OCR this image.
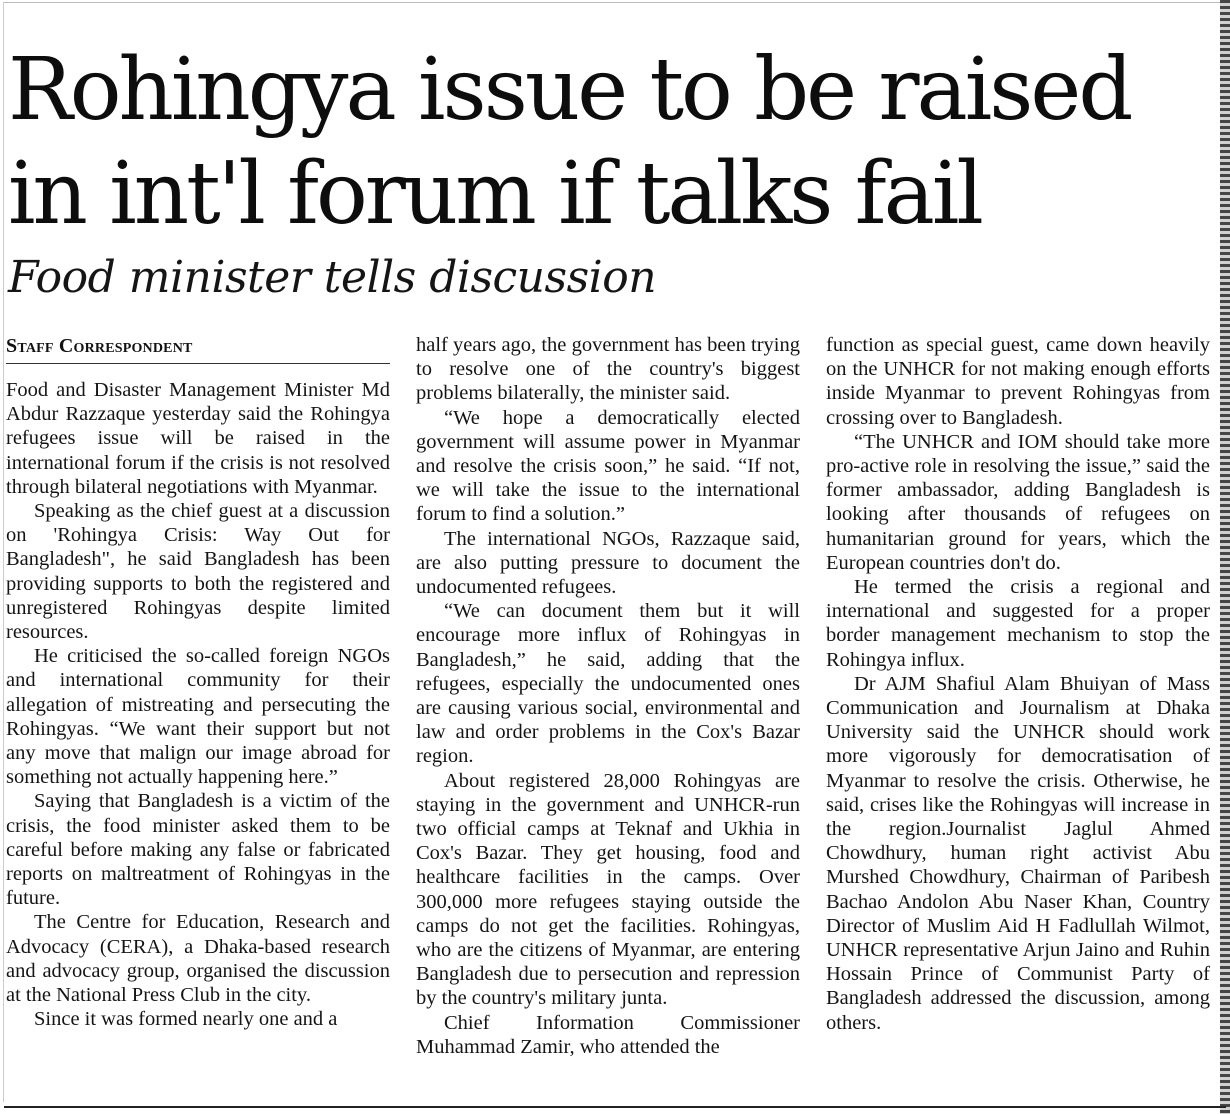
Rohingya issue to be raised in int'l forum if talks fail
Food minister tells discussion
Staff Correspondent

Food and Disaster Management Minister Md Abdur Razzaque yesterday said the Rohingya refugees issue will be raised in the international forum if the crisis is not resolved through bilateral negotiations with Myanmar.

Speaking as the chief guest at a discussion on 'Rohingya Crisis: Way Out for Bangladesh", he said Bangladesh has been providing supports to both the registered and unregistered Rohingyas despite limited resources.

He criticised the so-called foreign NGOs and international community for their allegation of mistreating and persecuting the Rohingyas. “We want their support but not any move that malign our image abroad for something not actually happening here.”

Saying that Bangladesh is a victim of the crisis, the food minister asked them to be careful before making any false or fabricated reports on maltreatment of Rohingyas in the future.

The Centre for Education, Research and Advocacy (CERA), a Dhaka-based research and advocacy group, organised the discussion at the National Press Club in the city.

Since it was formed nearly one and a

half years ago, the government has been trying to resolve one of the country's biggest problems bilaterally, the minister said.

“We hope a democratically elected government will assume power in Myanmar and resolve the crisis soon,” he said. “If not, we will take the issue to the international forum to find a solution.”

The international NGOs, Razzaque said, are also putting pressure to document the undocumented refugees.

“We can document them but it will encourage more influx of Rohingyas in Bangladesh,” he said, adding that the refugees, especially the undocumented ones are causing various social, environmental and law and order problems in the Cox's Bazar region.

About registered 28,000 Rohingyas are staying in the government and UNHCR-run two official camps at Teknaf and Ukhia in Cox's Bazar. They get housing, food and healthcare facilities in the camps. Over 300,000 more refugees staying outside the camps do not get the facilities. Rohingyas, who are the citizens of Myanmar, are entering Bangladesh due to persecution and repression by the country's military junta.

Chief Information Commissioner Muhammad Zamir, who attended the

function as special guest, came down heavily on the UNHCR for not making enough efforts inside Myanmar to prevent Rohingyas from crossing over to Bangladesh.

“The UNHCR and IOM should take more pro-active role in resolving the issue,” said the former ambassador, adding Bangladesh is looking after thousands of refugees on humanitarian ground for years, which the European countries don't do.

He termed the crisis a regional and international and suggested for a proper border management mechanism to stop the Rohingya influx.

Dr AJM Shafiul Alam Bhuiyan of Mass Communication and Journalism at Dhaka University said the UNHCR should work more vigorously for democratisation of Myanmar to resolve the crisis. Otherwise, he said, crises like the Rohingyas will increase in the region.Journalist Jaglul Ahmed Chowdhury, human right activist Abu Murshed Chowdhury, Chairman of Paribesh Bachao Andolon Abu Naser Khan, Country Director of Muslim Aid H Fadlullah Wilmot, UNHCR representative Arjun Jaino and Ruhin Hossain Prince of Communist Party of Bangladesh addressed the discussion, among others.
